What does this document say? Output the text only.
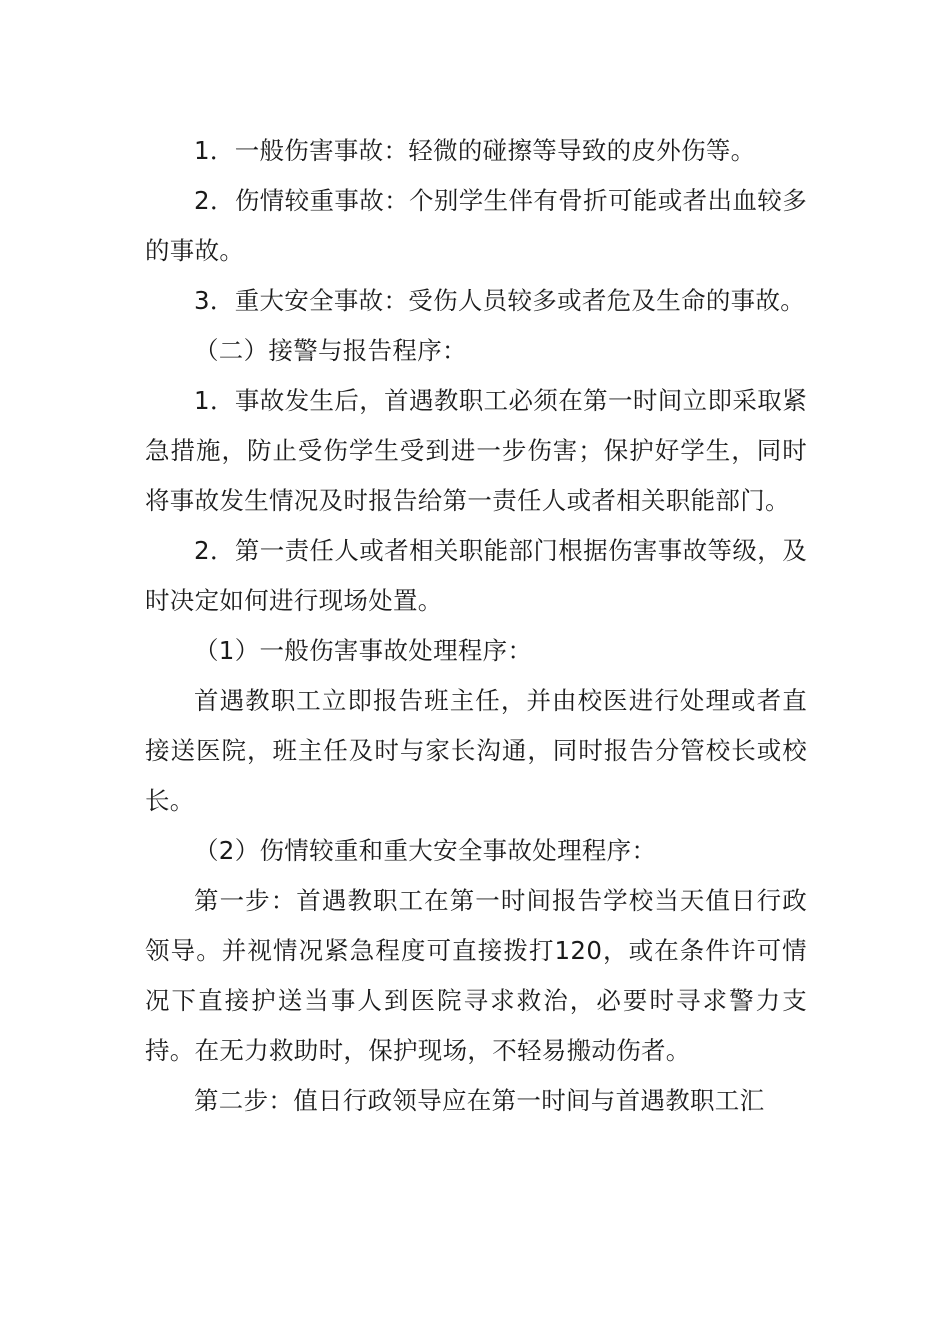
1．一般伤害事故：轻微的碰擦等导致的皮外伤等。

2．伤情较重事故：个别学生伴有骨折可能或者出血较多的事故。

3．重大安全事故：受伤人员较多或者危及生命的事故。

（二）接警与报告程序：

1．事故发生后，首遇教职工必须在第一时间立即采取紧急措施，防止受伤学生受到进一步伤害；保护好学生，同时将事故发生情况及时报告给第一责任人或者相关职能部门。

2．第一责任人或者相关职能部门根据伤害事故等级，及时决定如何进行现场处置。

（1）一般伤害事故处理程序：

首遇教职工立即报告班主任，并由校医进行处理或者直接送医院，班主任及时与家长沟通，同时报告分管校长或校长。

（2）伤情较重和重大安全事故处理程序：

第一步：首遇教职工在第一时间报告学校当天值日行政领导。并视情况紧急程度可直接拨打120，或在条件许可情况下直接护送当事人到医院寻求救治，必要时寻求警力支持。在无力救助时，保护现场，不轻易搬动伤者。

第二步：值日行政领导应在第一时间与首遇教职工汇
